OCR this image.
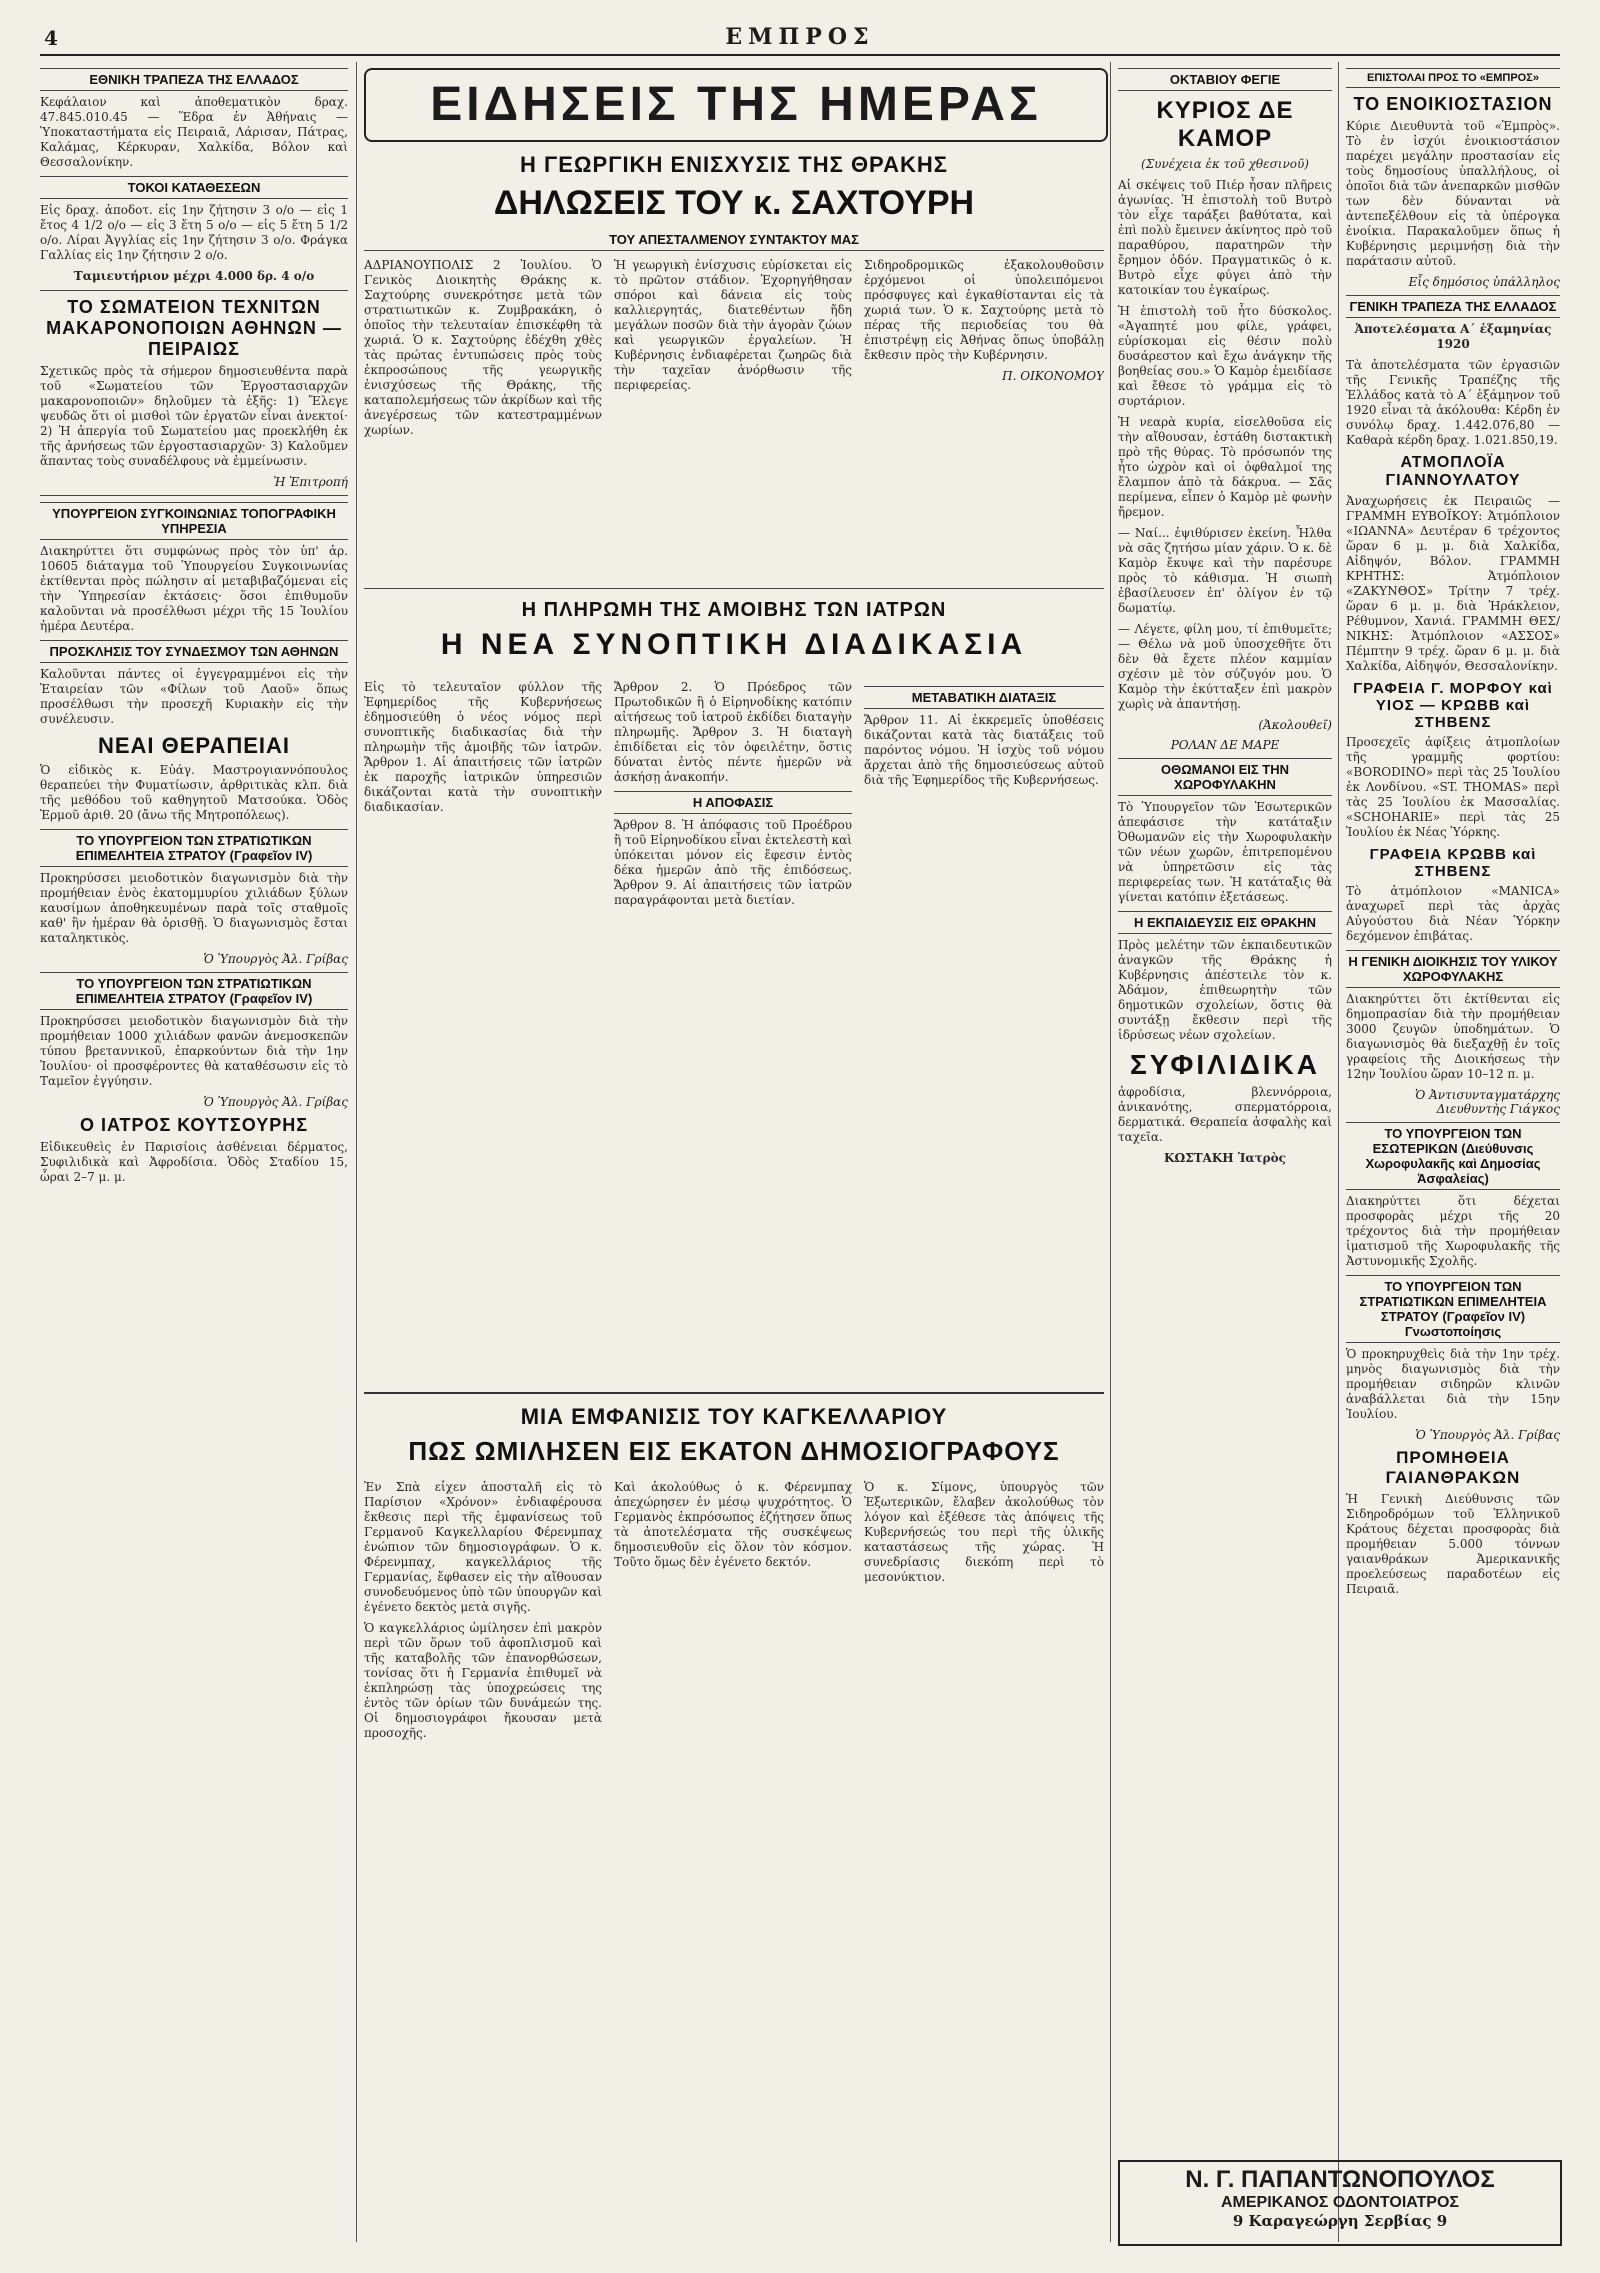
4	ΕΜΠΡΟΣ
ΕΘΝΙΚΗ ΤΡΑΠΕΖΑ ΤΗΣ ΕΛΛΑΔΟΣ

Κεφάλαιον καὶ ἀποθεματικὸν δραχ. 47.845.010.45 — Ἕδρα ἐν Ἀθήναις — Ὑποκαταστήματα εἰς Πειραιᾶ, Λάρισαν, Πάτρας, Καλάμας, Κέρκυραν, Χαλκίδα, Βόλον καὶ Θεσσαλονίκην.

ΤΟΚΟΙ ΚΑΤΑΘΕΣΕΩΝ

Εἰς δραχ. ἀποδοτ. εἰς 1ην ζήτησιν 3 ο/ο — εἰς 1 ἔτος 4 1/2 ο/ο — εἰς 3 ἔτη 5 ο/ο — εἰς 5 ἔτη 5 1/2 ο/ο. Λίραι Ἀγγλίας εἰς 1ην ζήτησιν 3 ο/ο. Φράγκα Γαλλίας εἰς 1ην ζήτησιν 2 ο/ο.

Ταμιευτήριον μέχρι 4.000 δρ. 4 ο/ο

ΤΟ ΣΩΜΑΤΕΙΟΝ ΤΕΧΝΙΤΩΝ ΜΑΚΑΡΟΝΟΠΟΙΩΝ ΑΘΗΝΩΝ — ΠΕΙΡΑΙΩΣ

Σχετικῶς πρὸς τὰ σήμερον δημοσιευθέντα παρὰ τοῦ «Σωματείου τῶν Ἐργοστασιαρχῶν μακαρονοποιῶν» δηλοῦμεν τὰ ἑξῆς: 1) Ἔλεγε ψευδῶς ὅτι οἱ μισθοὶ τῶν ἐργατῶν εἶναι ἀνεκτοί· 2) Ἡ ἀπεργία τοῦ Σωματείου μας προεκλήθη ἐκ τῆς ἀρνήσεως τῶν ἐργοστασιαρχῶν· 3) Καλοῦμεν ἅπαντας τοὺς συναδέλφους νὰ ἐμμείνωσιν.

Ἡ Ἐπιτροπή

ΥΠΟΥΡΓΕΙΟΝ ΣΥΓΚΟΙΝΩΝΙΑΣ ΤΟΠΟΓΡΑΦΙΚΗ ΥΠΗΡΕΣΙΑ

Διακηρύττει ὅτι συμφώνως πρὸς τὸν ὑπ' ἀρ. 10605 διάταγμα τοῦ Ὑπουργείου Συγκοινωνίας ἐκτίθενται πρὸς πώλησιν αἱ μεταβιβαζόμεναι εἰς τὴν Ὑπηρεσίαν ἐκτάσεις· ὅσοι ἐπιθυμοῦν καλοῦνται νὰ προσέλθωσι μέχρι τῆς 15 Ἰουλίου ἡμέρα Δευτέρα.

ΠΡΟΣΚΛΗΣΙΣ ΤΟΥ ΣΥΝΔΕΣΜΟΥ ΤΩΝ ΑΘΗΝΩΝ

Καλοῦνται πάντες οἱ ἐγγεγραμμένοι εἰς τὴν Ἑταιρείαν τῶν «Φίλων τοῦ Λαοῦ» ὅπως προσέλθωσι τὴν προσεχῆ Κυριακὴν εἰς τὴν συνέλευσιν.

ΝΕΑΙ ΘΕΡΑΠΕΙΑΙ

Ὁ εἰδικὸς κ. Εὐάγ. Μαστρογιαννόπουλος θεραπεύει τὴν Φυματίωσιν, ἀρθριτικὰς κλπ. διὰ τῆς μεθόδου τοῦ καθηγητοῦ Ματσούκα. Ὁδὸς Ἑρμοῦ ἀριθ. 20 (ἄνω τῆς Μητροπόλεως).

ΤΟ ΥΠΟΥΡΓΕΙΟΝ ΤΩΝ ΣΤΡΑΤΙΩΤΙΚΩΝ ΕΠΙΜΕΛΗΤΕΙΑ ΣΤΡΑΤΟΥ (Γραφεῖον IV)

Προκηρύσσει μειοδοτικὸν διαγωνισμὸν διὰ τὴν προμήθειαν ἑνὸς ἑκατομμυρίου χιλιάδων ξύλων καυσίμων ἀποθηκευμένων παρὰ τοῖς σταθμοῖς καθ' ἣν ἡμέραν θὰ ὁρισθῇ. Ὁ διαγωνισμὸς ἔσται καταληκτικὸς.

Ὁ Ὑπουργὸς Ἀλ. Γρίβας

ΤΟ ΥΠΟΥΡΓΕΙΟΝ ΤΩΝ ΣΤΡΑΤΙΩΤΙΚΩΝ ΕΠΙΜΕΛΗΤΕΙΑ ΣΤΡΑΤΟΥ (Γραφεῖον IV)

Προκηρύσσει μειοδοτικὸν διαγωνισμὸν διὰ τὴν προμήθειαν 1000 χιλιάδων φανῶν ἀνεμοσκεπῶν τύπου βρεταννικοῦ, ἐπαρκούντων διὰ τὴν 1ην Ἰουλίου· οἱ προσφέροντες θὰ καταθέσωσιν εἰς τὸ Ταμεῖον ἐγγύησιν.

Ὁ Ὑπουργὸς Ἀλ. Γρίβας

Ο ΙΑΤΡΟΣ ΚΟΥΤΣΟΥΡΗΣ

Εἰδικευθεὶς ἐν Παρισίοις ἀσθένειαι δέρματος, Συφιλιδικὰ καὶ Ἀφροδίσια. Ὁδὸς Σταδίου 15, ὧραι 2–7 μ. μ.

ΕΙΔΗΣΕΙΣ ΤΗΣ ΗΜΕΡΑΣ
Η ΓΕΩΡΓΙΚΗ ΕΝΙΣΧΥΣΙΣ ΤΗΣ ΘΡΑΚΗΣ
ΔΗΛΩΣΕΙΣ ΤΟΥ κ. ΣΑΧΤΟΥΡΗ
ΤΟΥ ΑΠΕΣΤΑΛΜΕΝΟΥ ΣΥΝΤΑΚΤΟΥ ΜΑΣ

ΑΔΡΙΑΝΟΥΠΟΛΙΣ 2 Ἰουλίου. Ὁ Γενικὸς Διοικητὴς Θράκης κ. Σαχτούρης συνεκρότησε μετὰ τῶν στρατιωτικῶν κ. Ζυμβρακάκη, ὁ ὁποῖος τὴν τελευταίαν ἐπισκέφθη τὰ χωριά. Ὁ κ. Σαχτούρης ἐδέχθη χθὲς τὰς πρώτας ἐντυπώσεις πρὸς τοὺς ἐκπροσώπους τῆς γεωργικῆς ἐνισχύσεως τῆς Θράκης, τῆς καταπολεμήσεως τῶν ἀκρίδων καὶ τῆς ἀνεγέρσεως τῶν κατεστραμμένων χωρίων.

Ἡ γεωργικὴ ἐνίσχυσις εὑρίσκεται εἰς τὸ πρῶτον στάδιον. Ἐχορηγήθησαν σπόροι καὶ δάνεια εἰς τοὺς καλλιεργητάς, διατεθέντων ἤδη μεγάλων ποσῶν διὰ τὴν ἀγορὰν ζώων καὶ γεωργικῶν ἐργαλείων. Ἡ Κυβέρνησις ἐνδιαφέρεται ζωηρῶς διὰ τὴν ταχεῖαν ἀνόρθωσιν τῆς περιφερείας.

Σιδηροδρομικῶς ἐξακολουθοῦσιν ἐρχόμενοι οἱ ὑπολειπόμενοι πρόσφυγες καὶ ἐγκαθίστανται εἰς τὰ χωριά των. Ὁ κ. Σαχτούρης μετὰ τὸ πέρας τῆς περιοδείας του θὰ ἐπιστρέψῃ εἰς Ἀθήνας ὅπως ὑποβάλῃ ἔκθεσιν πρὸς τὴν Κυβέρνησιν.

Π. ΟΙΚΟΝΟΜΟΥ

Η ΠΛΗΡΩΜΗ ΤΗΣ ΑΜΟΙΒΗΣ ΤΩΝ ΙΑΤΡΩΝ
Η ΝΕΑ ΣΥΝΟΠΤΙΚΗ ΔΙΑΔΙΚΑΣΙΑ

Εἰς τὸ τελευταῖον φύλλον τῆς Ἐφημερίδος τῆς Κυβερνήσεως ἐδημοσιεύθη ὁ νέος νόμος περὶ συνοπτικῆς διαδικασίας διὰ τὴν πληρωμὴν τῆς ἀμοιβῆς τῶν ἰατρῶν. Ἄρθρον 1. Αἱ ἀπαιτήσεις τῶν ἰατρῶν ἐκ παροχῆς ἰατρικῶν ὑπηρεσιῶν δικάζονται κατὰ τὴν συνοπτικὴν διαδικασίαν.

Ἄρθρον 2. Ὁ Πρόεδρος τῶν Πρωτοδικῶν ἢ ὁ Εἰρηνοδίκης κατόπιν αἰτήσεως τοῦ ἰατροῦ ἐκδίδει διαταγὴν πληρωμῆς. Ἄρθρον 3. Ἡ διαταγὴ ἐπιδίδεται εἰς τὸν ὀφειλέτην, ὅστις δύναται ἐντὸς πέντε ἡμερῶν νὰ ἀσκήσῃ ἀνακοπήν.

Η ΑΠΟΦΑΣΙΣ

Ἄρθρον 8. Ἡ ἀπόφασις τοῦ Προέδρου ἢ τοῦ Εἰρηνοδίκου εἶναι ἐκτελεστὴ καὶ ὑπόκειται μόνον εἰς ἔφεσιν ἐντὸς δέκα ἡμερῶν ἀπὸ τῆς ἐπιδόσεως. Ἄρθρον 9. Αἱ ἀπαιτήσεις τῶν ἰατρῶν παραγράφονται μετὰ διετίαν.

ΜΕΤΑΒΑΤΙΚΗ ΔΙΑΤΑΞΙΣ

Ἄρθρον 11. Αἱ ἐκκρεμεῖς ὑποθέσεις δικάζονται κατὰ τὰς διατάξεις τοῦ παρόντος νόμου. Ἡ ἰσχὺς τοῦ νόμου ἄρχεται ἀπὸ τῆς δημοσιεύσεως αὐτοῦ διὰ τῆς Ἐφημερίδος τῆς Κυβερνήσεως.

ΜΙΑ ΕΜΦΑΝΙΣΙΣ ΤΟΥ ΚΑΓΚΕΛΛΑΡΙΟΥ
ΠΩΣ ΩΜΙΛΗΣΕΝ ΕΙΣ ΕΚΑΤΟΝ ΔΗΜΟΣΙΟΓΡΑΦΟΥΣ

Ἐν Σπὰ εἶχεν ἀποσταλῆ εἰς τὸ Παρίσιον «Χρόνον» ἐνδιαφέρουσα ἔκθεσις περὶ τῆς ἐμφανίσεως τοῦ Γερμανοῦ Καγκελλαρίου Φέρενμπαχ ἐνώπιον τῶν δημοσιογράφων. Ὁ κ. Φέρενμπαχ, καγκελλάριος τῆς Γερμανίας, ἔφθασεν εἰς τὴν αἴθουσαν συνοδευόμενος ὑπὸ τῶν ὑπουργῶν καὶ ἐγένετο δεκτὸς μετὰ σιγῆς.

Ὁ καγκελλάριος ὡμίλησεν ἐπὶ μακρὸν περὶ τῶν ὅρων τοῦ ἀφοπλισμοῦ καὶ τῆς καταβολῆς τῶν ἐπανορθώσεων, τονίσας ὅτι ἡ Γερμανία ἐπιθυμεῖ νὰ ἐκπληρώσῃ τὰς ὑποχρεώσεις της ἐντὸς τῶν ὁρίων τῶν δυνάμεών της. Οἱ δημοσιογράφοι ἤκουσαν μετὰ προσοχῆς.

Καὶ ἀκολούθως ὁ κ. Φέρενμπαχ ἀπεχώρησεν ἐν μέσῳ ψυχρότητος. Ὁ Γερμανὸς ἐκπρόσωπος ἐζήτησεν ὅπως τὰ ἀποτελέσματα τῆς συσκέψεως δημοσιευθοῦν εἰς ὅλον τὸν κόσμον. Τοῦτο ὅμως δὲν ἐγένετο δεκτόν.

Ὁ κ. Σίμονς, ὑπουργὸς τῶν Ἐξωτερικῶν, ἔλαβεν ἀκολούθως τὸν λόγον καὶ ἐξέθεσε τὰς ἀπόψεις τῆς Κυβερνήσεώς του περὶ τῆς ὑλικῆς καταστάσεως τῆς χώρας. Ἡ συνεδρίασις διεκόπη περὶ τὸ μεσονύκτιον.

ΟΚΤΑΒΙΟΥ ΦΕΓΙΕ
ΚΥΡΙΟΣ ΔΕ ΚΑΜΟΡ

(Συνέχεια ἐκ τοῦ χθεσινοῦ)

Αἱ σκέψεις τοῦ Πιέρ ἦσαν πλῆρεις ἀγωνίας. Ἡ ἐπιστολὴ τοῦ Βυτρὸ τὸν εἶχε ταράξει βαθύτατα, καὶ ἐπὶ πολὺ ἔμεινεν ἀκίνητος πρὸ τοῦ παραθύρου, παρατηρῶν τὴν ἔρημον ὁδόν. Πραγματικῶς ὁ κ. Βυτρὸ εἶχε φύγει ἀπὸ τὴν κατοικίαν του ἐγκαίρως.

Ἡ ἐπιστολὴ τοῦ ἦτο δύσκολος. «Ἀγαπητέ μου φίλε, γράφει, εὑρίσκομαι εἰς θέσιν πολὺ δυσάρεστον καὶ ἔχω ἀνάγκην τῆς βοηθείας σου.» Ὁ Καμὸρ ἐμειδίασε καὶ ἔθεσε τὸ γράμμα εἰς τὸ συρτάριον.

Ἡ νεαρὰ κυρία, εἰσελθοῦσα εἰς τὴν αἴθουσαν, ἐστάθη διστακτικὴ πρὸ τῆς θύρας. Τὸ πρόσωπόν της ἦτο ὠχρὸν καὶ οἱ ὀφθαλμοί της ἔλαμπον ἀπὸ τὰ δάκρυα. — Σᾶς περίμενα, εἶπεν ὁ Καμὸρ μὲ φωνὴν ἤρεμον.

— Ναί... ἐψιθύρισεν ἐκείνη. Ἦλθα νὰ σᾶς ζητήσω μίαν χάριν. Ὁ κ. δὲ Καμὸρ ἔκυψε καὶ τὴν παρέσυρε πρὸς τὸ κάθισμα. Ἡ σιωπὴ ἐβασίλευσεν ἐπ' ὀλίγον ἐν τῷ δωματίῳ.

— Λέγετε, φίλη μου, τί ἐπιθυμεῖτε; — Θέλω νὰ μοῦ ὑποσχεθῆτε ὅτι δὲν θὰ ἔχετε πλέον καμμίαν σχέσιν μὲ τὸν σύζυγόν μου. Ὁ Καμὸρ τὴν ἐκύτταξεν ἐπὶ μακρὸν χωρὶς νὰ ἀπαντήσῃ.

(Ἀκολουθεῖ)

ΡΟΛΑΝ ΔΕ ΜΑΡΕ

ΟΘΩΜΑΝΟΙ ΕΙΣ ΤΗΝ ΧΩΡΟΦΥΛΑΚΗΝ

Τὸ Ὑπουργεῖον τῶν Ἐσωτερικῶν ἀπεφάσισε τὴν κατάταξιν Ὀθωμανῶν εἰς τὴν Χωροφυλακὴν τῶν νέων χωρῶν, ἐπιτρεπομένου νὰ ὑπηρετῶσιν εἰς τὰς περιφερείας των. Ἡ κατάταξις θὰ γίνεται κατόπιν ἐξετάσεως.

Η ΕΚΠΑΙΔΕΥΣΙΣ ΕΙΣ ΘΡΑΚΗΝ

Πρὸς μελέτην τῶν ἐκπαιδευτικῶν ἀναγκῶν τῆς Θράκης ἡ Κυβέρνησις ἀπέστειλε τὸν κ. Ἀδάμον, ἐπιθεωρητὴν τῶν δημοτικῶν σχολείων, ὅστις θὰ συντάξῃ ἔκθεσιν περὶ τῆς ἱδρύσεως νέων σχολείων.

ΣΥΦΙΛΙΔΙΚΑ

ἀφροδίσια, βλεννόρροια, ἀνικανότης, σπερματόρροια, δερματικά. Θεραπεία ἀσφαλὴς καὶ ταχεῖα.

ΚΩΣΤΑΚΗ Ἰατρὸς

Ν. Γ. ΠΑΠΑΝΤΩΝΟΠΟΥΛΟΣ
ΑΜΕΡΙΚΑΝΟΣ ΟΔΟΝΤΟΙΑΤΡΟΣ
9 Καραγεώργη Σερβίας 9
ΕΠΙΣΤΟΛΑΙ ΠΡΟΣ ΤΟ «ΕΜΠΡΟΣ»
ΤΟ ΕΝΟΙΚΙΟΣΤΑΣΙΟΝ

Κύριε Διευθυντὰ τοῦ «Ἐμπρὸς». Τὸ ἐν ἰσχύι ἐνοικιοστάσιον παρέχει μεγάλην προστασίαν εἰς τοὺς δημοσίους ὑπαλλήλους, οἱ ὁποῖοι διὰ τῶν ἀνεπαρκῶν μισθῶν των δὲν δύνανται νὰ ἀντεπεξέλθουν εἰς τὰ ὑπέρογκα ἐνοίκια. Παρακαλοῦμεν ὅπως ἡ Κυβέρνησις μεριμνήσῃ διὰ τὴν παράτασιν αὐτοῦ.

Εἷς δημόσιος ὑπάλληλος

ΓΕΝΙΚΗ ΤΡΑΠΕΖΑ ΤΗΣ ΕΛΛΑΔΟΣ

Ἀποτελέσματα Α΄ ἑξαμηνίας 1920

Τὰ ἀποτελέσματα τῶν ἐργασιῶν τῆς Γενικῆς Τραπέζης τῆς Ἑλλάδος κατὰ τὸ Α΄ ἑξάμηνον τοῦ 1920 εἶναι τὰ ἀκόλουθα: Κέρδη ἐν συνόλῳ δραχ. 1.442.076,80 — Καθαρὰ κέρδη δραχ. 1.021.850,19.

ΑΤΜΟΠΛΟΪΑ ΓΙΑΝΝΟΥΛΑΤΟΥ

Ἀναχωρήσεις ἐκ Πειραιῶς — ΓΡΑΜΜΗ ΕΥΒΟΪΚΟΥ: Ἀτμόπλοιον «ΙΩΑΝΝΑ» Δευτέραν 6 τρέχοντος ὥραν 6 μ. μ. διὰ Χαλκίδα, Αἰδηψόν, Βόλον. ΓΡΑΜΜΗ ΚΡΗΤΗΣ: Ἀτμόπλοιον «ΖΑΚΥΝΘΟΣ» Τρίτην 7 τρέχ. ὥραν 6 μ. μ. διὰ Ἡράκλειον, Ρέθυμνον, Χανιά. ΓΡΑΜΜΗ ΘΕΣ/ΝΙΚΗΣ: Ἀτμόπλοιον «ΑΣΣΟΣ» Πέμπτην 9 τρέχ. ὥραν 6 μ. μ. διὰ Χαλκίδα, Αἰδηψόν, Θεσσαλονίκην.

ΓΡΑΦΕΙΑ Γ. ΜΟΡΦΟΥ καὶ ΥΙΟΣ — ΚΡΩΒΒ καὶ ΣΤΗΒΕΝΣ

Προσεχεῖς ἀφίξεις ἀτμοπλοίων τῆς γραμμῆς φορτίου: «BORODINO» περὶ τὰς 25 Ἰουλίου ἐκ Λονδίνου. «ST. THOMAS» περὶ τὰς 25 Ἰουλίου ἐκ Μασσαλίας. «SCHOHARIE» περὶ τὰς 25 Ἰουλίου ἐκ Νέας Ὑόρκης.

ΓΡΑΦΕΙΑ ΚΡΩΒΒ καὶ ΣΤΗΒΕΝΣ

Τὸ ἀτμόπλοιον «MANICA» ἀναχωρεῖ περὶ τὰς ἀρχὰς Αὐγούστου διὰ Νέαν Ὑόρκην δεχόμενον ἐπιβάτας.

Η ΓΕΝΙΚΗ ΔΙΟΙΚΗΣΙΣ ΤΟΥ ΥΛΙΚΟΥ ΧΩΡΟΦΥΛΑΚΗΣ

Διακηρύττει ὅτι ἐκτίθενται εἰς δημοπρασίαν διὰ τὴν προμήθειαν 3000 ζευγῶν ὑποδημάτων. Ὁ διαγωνισμὸς θὰ διεξαχθῇ ἐν τοῖς γραφείοις τῆς Διοικήσεως τὴν 12ην Ἰουλίου ὥραν 10–12 π. μ.

Ὁ Ἀντισυνταγματάρχης Διευθυντὴς Γιάγκος

ΤΟ ΥΠΟΥΡΓΕΙΟΝ ΤΩΝ ΕΣΩΤΕΡΙΚΩΝ (Διεύθυνσις Χωροφυλακῆς καὶ Δημοσίας Ἀσφαλείας)

Διακηρύττει ὅτι δέχεται προσφορὰς μέχρι τῆς 20 τρέχοντος διὰ τὴν προμήθειαν ἱματισμοῦ τῆς Χωροφυλακῆς τῆς Ἀστυνομικῆς Σχολῆς.

ΤΟ ΥΠΟΥΡΓΕΙΟΝ ΤΩΝ ΣΤΡΑΤΙΩΤΙΚΩΝ ΕΠΙΜΕΛΗΤΕΙΑ ΣΤΡΑΤΟΥ (Γραφεῖον IV) Γνωστοποίησις

Ὁ προκηρυχθεὶς διὰ τὴν 1ην τρέχ. μηνὸς διαγωνισμὸς διὰ τὴν προμήθειαν σιδηρῶν κλινῶν ἀναβάλλεται διὰ τὴν 15ην Ἰουλίου.

Ὁ Ὑπουργὸς Ἀλ. Γρίβας

ΠΡΟΜΗΘΕΙΑ ΓΑΙΑΝΘΡΑΚΩΝ

Ἡ Γενικὴ Διεύθυνσις τῶν Σιδηροδρόμων τοῦ Ἑλληνικοῦ Κράτους δέχεται προσφορὰς διὰ προμήθειαν 5.000 τόννων γαιανθράκων Ἀμερικανικῆς προελεύσεως παραδοτέων εἰς Πειραιᾶ.
